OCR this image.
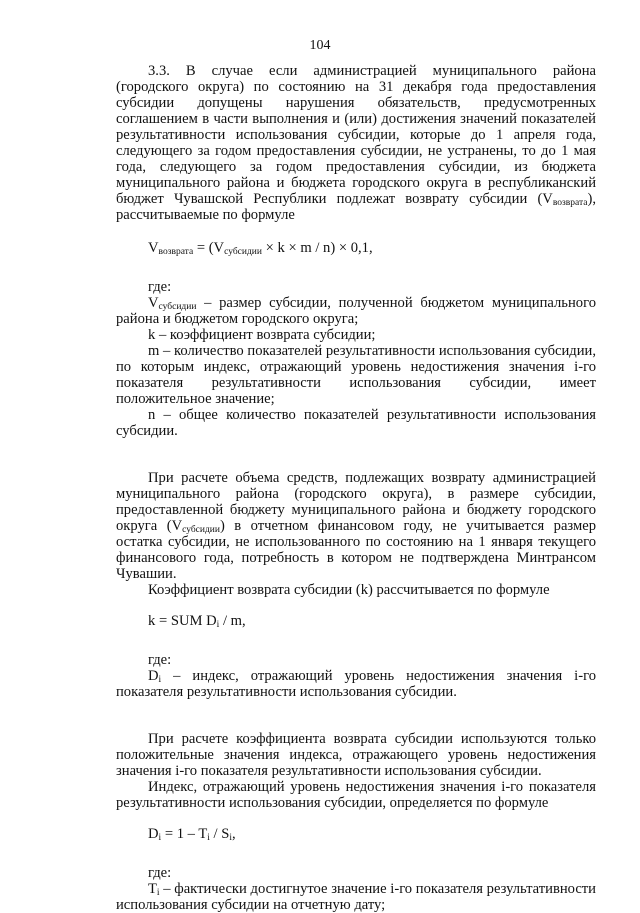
104

3.3. В случае если администрацией муниципального района (городского округа) по состоянию на 31 декабря года предоставления субсидии допущены нарушения обязательств, предусмотренных соглашением в части выполнения и (или) достижения значений показателей результативности использования субсидии, которые до 1 апреля года, следующего за годом предоставления субсидии, не устранены, то до 1 мая года, следующего за годом предоставления субсидии, из бюджета муниципального района и бюджета городского округа в республиканский бюджет Чувашской Республики подлежат возврату субсидии $(V_{возврата})$, рассчитываемые по формуле

$V_{возврата} = (V_{субсидии} \times k \times m / n) \times 0,1$,

где:

$V_{субсидии}$ – размер субсидии, полученной бюджетом муниципального района и бюджетом городского округа;

k – коэффициент возврата субсидии;

m – количество показателей результативности использования субсидии, по которым индекс, отражающий уровень недостижения значения i-го показателя результативности использования субсидии, имеет положительное значение;

n – общее количество показателей результативности использования субсидии.

При расчете объема средств, подлежащих возврату администрацией муниципального района (городского округа), в размере субсидии, предоставленной бюджету муниципального района и бюджету городского округа $(V_{субсидии})$ в отчетном финансовом году, не учитывается размер остатка субсидии, не использованного по состоянию на 1 января текущего финансового года, потребность в котором не подтверждена Минтрансом Чувашии.

Коэффициент возврата субсидии (k) рассчитывается по формуле

k = SUM $D_i$ / m,

где:

$D_i$ – индекс, отражающий уровень недостижения значения i-го показателя результативности использования субсидии.

При расчете коэффициента возврата субсидии используются только положительные значения индекса, отражающего уровень недостижения значения i-го показателя результативности использования субсидии.

Индекс, отражающий уровень недостижения значения i-го показателя результативности использования субсидии, определяется по формуле

$D_i = 1 - T_i / S_i$,

где:

$T_i$ – фактически достигнутое значение i-го показателя результативности использования субсидии на отчетную дату;
